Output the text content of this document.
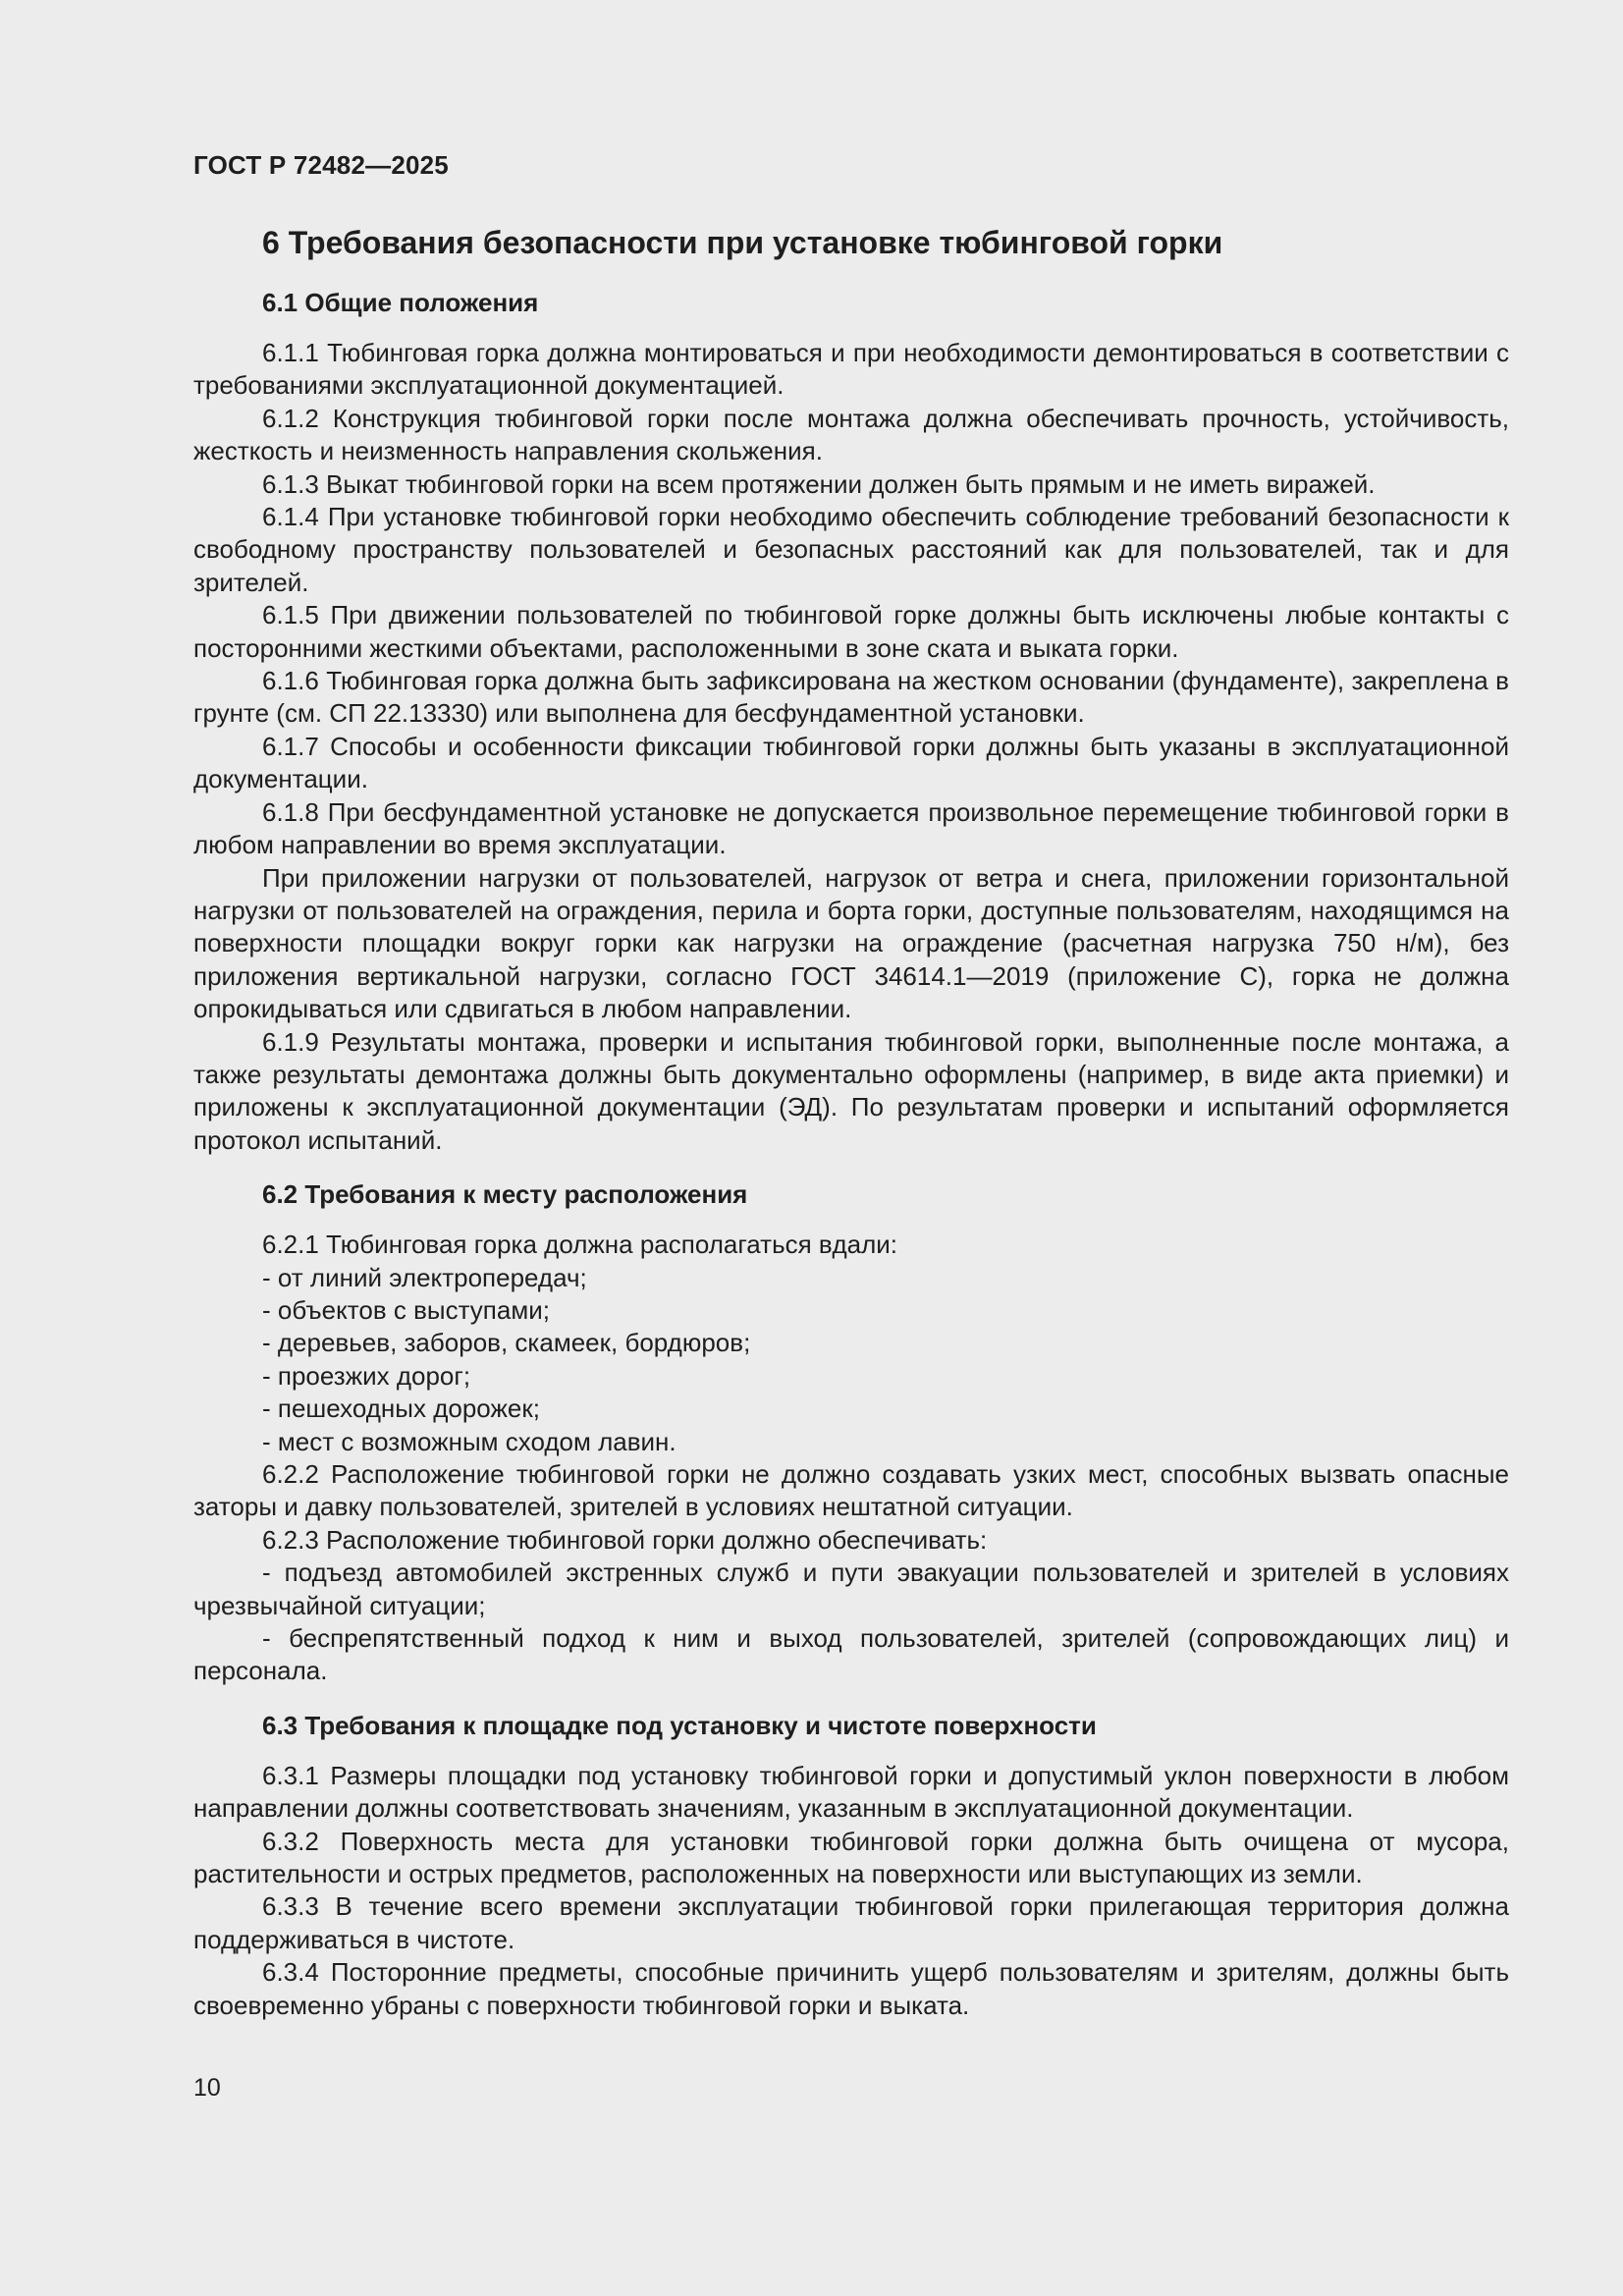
ГОСТ Р 72482—2025
6 Требования безопасности при установке тюбинговой горки
6.1 Общие положения

6.1.1 Тюбинговая горка должна монтироваться и при необходимости демонтироваться в соответствии с требованиями эксплуатационной документацией.

6.1.2 Конструкция тюбинговой горки после монтажа должна обеспечивать прочность, устойчивость, жесткость и неизменность направления скольжения.

6.1.3 Выкат тюбинговой горки на всем протяжении должен быть прямым и не иметь виражей.

6.1.4 При установке тюбинговой горки необходимо обеспечить соблюдение требований безопасности к свободному пространству пользователей и безопасных расстояний как для пользователей, так и для зрителей.

6.1.5 При движении пользователей по тюбинговой горке должны быть исключены любые контакты с посторонними жесткими объектами, расположенными в зоне ската и выката горки.

6.1.6 Тюбинговая горка должна быть зафиксирована на жестком основании (фундаменте), закреплена в грунте (см. СП 22.13330) или выполнена для бесфундаментной установки.

6.1.7 Способы и особенности фиксации тюбинговой горки должны быть указаны в эксплуатационной документации.

6.1.8 При бесфундаментной установке не допускается произвольное перемещение тюбинговой горки в любом направлении во время эксплуатации.

При приложении нагрузки от пользователей, нагрузок от ветра и снега, приложении горизонтальной нагрузки от пользователей на ограждения, перила и борта горки, доступные пользователям, находящимся на поверхности площадки вокруг горки как нагрузки на ограждение (расчетная нагрузка 750 н/м), без приложения вертикальной нагрузки, согласно ГОСТ 34614.1—2019 (приложение С), горка не должна опрокидываться или сдвигаться в любом направлении.

6.1.9 Результаты монтажа, проверки и испытания тюбинговой горки, выполненные после монтажа, а также результаты демонтажа должны быть документально оформлены (например, в виде акта приемки) и приложены к эксплуатационной документации (ЭД). По результатам проверки и испытаний оформляется протокол испытаний.

6.2 Требования к месту расположения

6.2.1 Тюбинговая горка должна располагаться вдали:

- от линий электропередач;

- объектов с выступами;

- деревьев, заборов, скамеек, бордюров;

- проезжих дорог;

- пешеходных дорожек;

- мест с возможным сходом лавин.

6.2.2 Расположение тюбинговой горки не должно создавать узких мест, способных вызвать опасные заторы и давку пользователей, зрителей в условиях нештатной ситуации.

6.2.3 Расположение тюбинговой горки должно обеспечивать:

- подъезд автомобилей экстренных служб и пути эвакуации пользователей и зрителей в условиях чрезвычайной ситуации;

- беспрепятственный подход к ним и выход пользователей, зрителей (сопровождающих лиц) и персонала.

6.3 Требования к площадке под установку и чистоте поверхности

6.3.1 Размеры площадки под установку тюбинговой горки и допустимый уклон поверхности в любом направлении должны соответствовать значениям, указанным в эксплуатационной документации.

6.3.2 Поверхность места для установки тюбинговой горки должна быть очищена от мусора, растительности и острых предметов, расположенных на поверхности или выступающих из земли.

6.3.3 В течение всего времени эксплуатации тюбинговой горки прилегающая территория должна поддерживаться в чистоте.

6.3.4 Посторонние предметы, способные причинить ущерб пользователям и зрителям, должны быть своевременно убраны с поверхности тюбинговой горки и выката.

10
